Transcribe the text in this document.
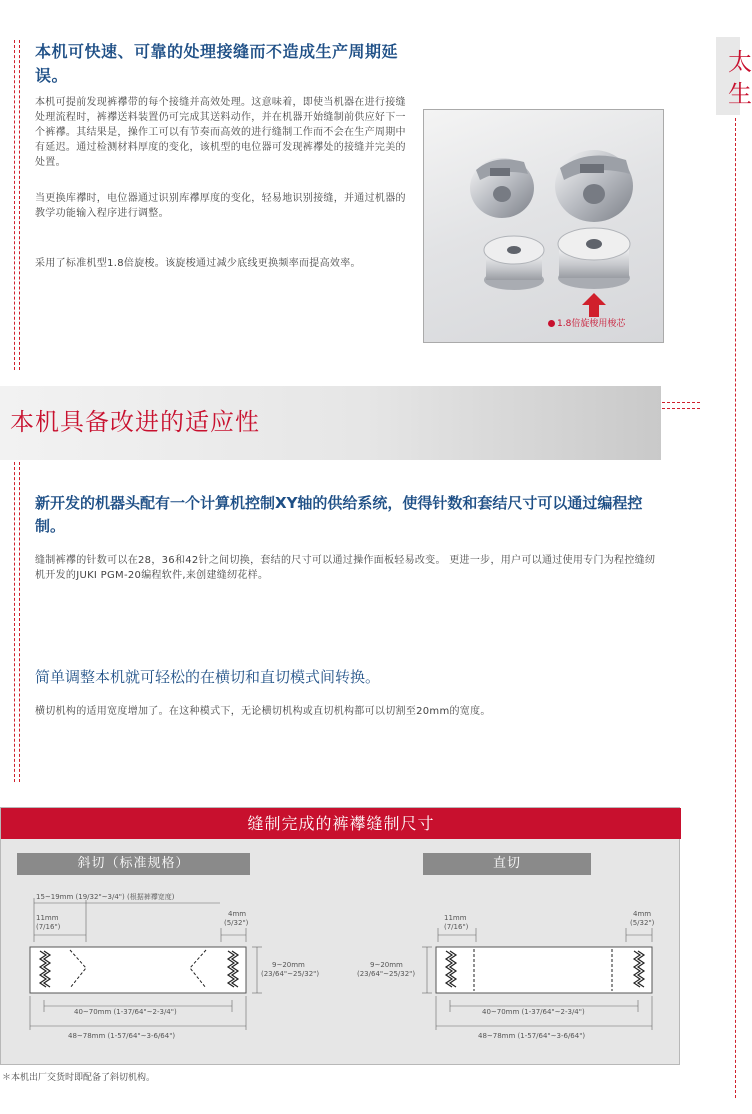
太
生
本机可快速、可靠的处理接缝而不造成生产周期延误。
本机可提前发现裤襻带的每个接缝并高效处理。这意味着，即使当机器在进行接缝处理流程时，裤襻送料装置仍可完成其送料动作，并在机器开始缝制前供应好下一个裤襻。其结果是，操作工可以有节奏而高效的进行缝制工作而不会在生产周期中有延迟。通过检测材料厚度的变化，该机型的电位器可发现裤襻处的接缝并完美的处置。
当更换库襻时，电位器通过识别库襻厚度的变化，轻易地识别接缝，并通过机器的教学功能输入程序进行调整。
采用了标准机型1.8倍旋梭。该旋梭通过减少底线更换频率而提高效率。
1.8倍旋梭用梭芯
本机具备改进的适应性
新开发的机器头配有一个计算机控制XY轴的供给系统，使得针数和套结尺寸可以通过编程控制。
缝制裤襻的针数可以在28，36和42针之间切换，套结的尺寸可以通过操作面板轻易改变。 更进一步，用户可以通过使用专门为程控缝纫机开发的JUKI PGM-20编程软件,来创建缝纫花样。
简单调整本机就可轻松的在横切和直切模式间转换。
横切机构的适用宽度增加了。在这种模式下，无论横切机构或直切机构都可以切割至20mm的宽度。
缝制完成的裤襻缝制尺寸
斜切（标准规格）	直切
15~19mm (19/32"~3/4") (根据裤襻宽度)
11mm
(7/16")
4mm
(5/32")
9~20mm
(23/64"~25/32")
40~70mm (1-37/64"~2-3/4")
48~78mm (1-57/64"~3-6/64")
11mm
(7/16")
4mm
(5/32")
9~20mm
(23/64"~25/32")
40~70mm (1-37/64"~2-3/4")
48~78mm (1-57/64"~3-6/64")
＊本机出厂交货时即配备了斜切机构。
